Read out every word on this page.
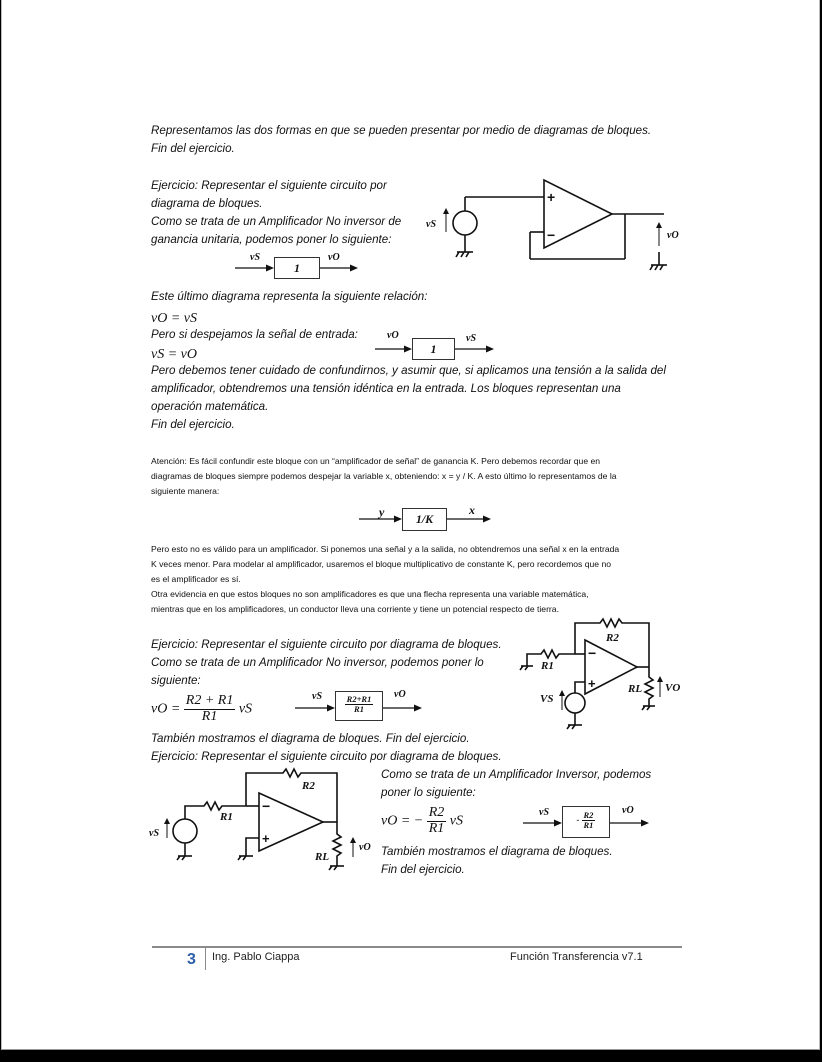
Representamos las dos formas en que se pueden presentar por medio de diagramas de bloques.
Fin del ejercicio.
Ejercicio: Representar el siguiente circuito por
diagrama de bloques.
Como se trata de un Amplificador No inversor de
ganancia unitaria, podemos poner lo siguiente:
vS
1
vO
+
−
vS
vO
Este último diagrama representa la siguiente relación:
vO = vS
Pero si despejamos la señal de entrada:
vS = vO
vO
1
vS
Pero debemos tener cuidado de confundirnos, y asumir que, si aplicamos una tensión a la salida del
amplificador, obtendremos una tensión idéntica en la entrada. Los bloques representan una
operación matemática.
Fin del ejercicio.
Atención: Es fácil confundir este bloque con un “amplificador de señal” de ganancia K. Pero debemos recordar que en
diagramas de bloques siempre podemos despejar la variable x, obteniendo: x = y / K. A esto último lo representamos de la
siguiente manera:
y	1/K
x
Pero esto no es válido para un amplificador. Si ponemos una señal y a la salida, no obtendremos una señal x en la entrada
K veces menor. Para modelar al amplificador, usaremos el bloque multiplicativo de constante K, pero recordemos que no
es el amplificador es sí.
Otra evidencia en que estos bloques no son amplificadores es que una flecha representa una variable matemática,
mientras que en los amplificadores, un conductor lleva una corriente y tiene un potencial respecto de tierra.
Ejercicio: Representar el siguiente circuito por diagrama de bloques.
Como se trata de un Amplificador No inversor, podemos poner lo
siguiente:
vO = $\frac{R2 + R1}{R1}$ vS
vS	$\frac{R2+R1}{R1}$
vO
−
+
R2
R1
RL VO
VS
También mostramos el diagrama de bloques. Fin del ejercicio.
Ejercicio: Representar el siguiente circuito por diagrama de bloques.
Como se trata de un Amplificador Inversor, podemos
poner lo siguiente:
vO = − $\frac{R2}{R1}$ vS
vS
- $\frac{R2}{R1}$
vO
También mostramos el diagrama de bloques.
Fin del ejercicio.
−
+
R2
R1
RL
vO
vS
3 Ing. Pablo Ciappa	Función Transferencia v7.1
